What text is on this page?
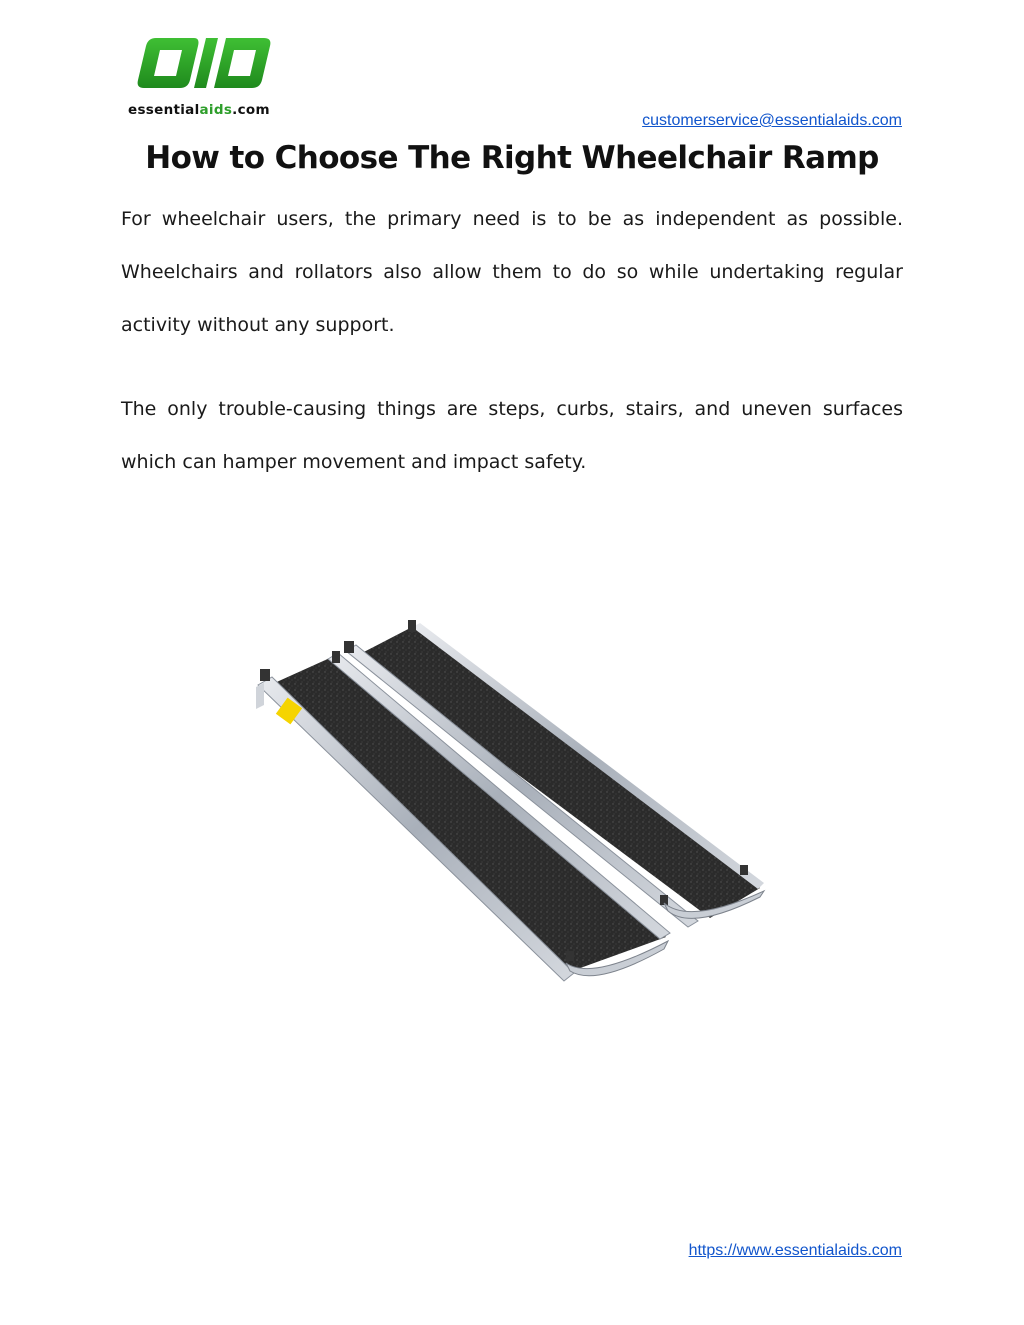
essentialaids.com
customerservice@essentialaids.com
How to Choose The Right Wheelchair Ramp

For wheelchair users, the primary need is to be as independent as possible. Wheelchairs and rollators also allow them to do so while undertaking regular activity without any support.

The only trouble-causing things are steps, curbs, stairs, and uneven surfaces which can hamper movement and impact safety.

https://www.essentialaids.com
